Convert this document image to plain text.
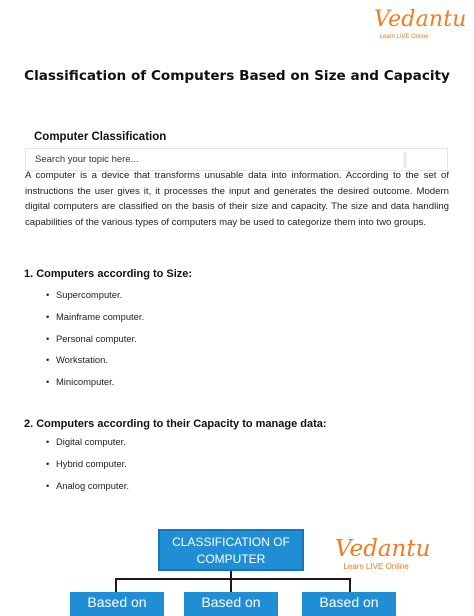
Vedantu
Learn LIVE Online
Classification of Computers Based on Size and Capacity
Computer Classification
Search your topic here...

A computer is a device that transforms unusable data into information. According to the set of instructions the user gives it, it processes the input and generates the desired outcome. Modern digital computers are classified on the basis of their size and capacity. The size and data handling capabilities of the various types of computers may be used to categorize them into two groups.

1. Computers according to Size:
• Supercomputer.
• Mainframe computer.
• Personal computer.
• Workstation.
• Minicomputer.
2. Computers according to their Capacity to manage data:
• Digital computer.
• Hybrid computer.
• Analog computer.
CLASSIFICATION OF
COMPUTER
Based on	Based on	Based on
Vedantu
Learn LIVE Online
